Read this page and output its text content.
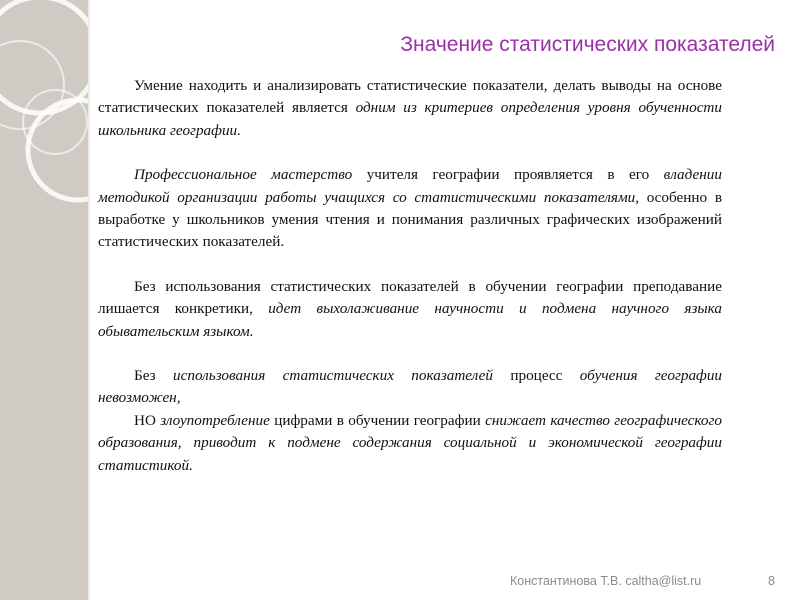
Значение статистических показателей

Умение находить и анализировать статистические показатели, делать выводы на основе статистических показателей является одним из критериев определения уровня обученности школьника географии.

Профессиональное мастерство учителя географии проявляется в его владении методикой организации работы учащихся со статистическими показателями, особенно в выработке у школьников умения чтения и понимания различных графических изображений статистических показателей.

Без использования статистических показателей в обучении географии преподавание лишается конкретики, идет выхолаживание научности и подмена научного языка обывательским языком.

Без использования статистических показателей процесс обучения географии невозможен,

НО злоупотребление цифрами в обучении географии снижает качество географического образования, приводит к подмене содержания социальной и экономической географии статистикой.

Константинова Т.В. caltha@list.ru	8
